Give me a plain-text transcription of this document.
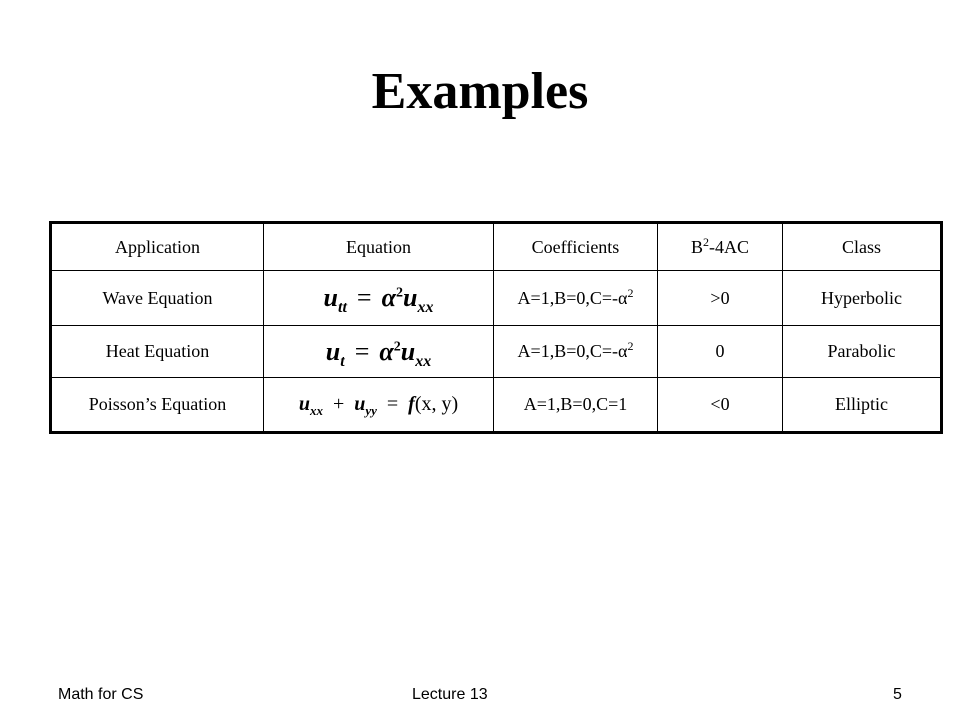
Examples
Application	Equation	Coefficients	$B^2-4AC$	Class
Wave Equation	$u_{tt} = \alpha^2u_{xx}$	$A=1,B=0,C=-\alpha^2$	>0	Hyperbolic
Heat Equation	$u_t = \alpha^2u_{xx}$	$A=1,B=0,C=-\alpha^2$	0	Parabolic
Poisson’s Equation	$u_{xx} + u_{yy} = f(x$, y)	A=1,B=0,C=1	<0	Elliptic
Math for CS	Lecture 13	5
